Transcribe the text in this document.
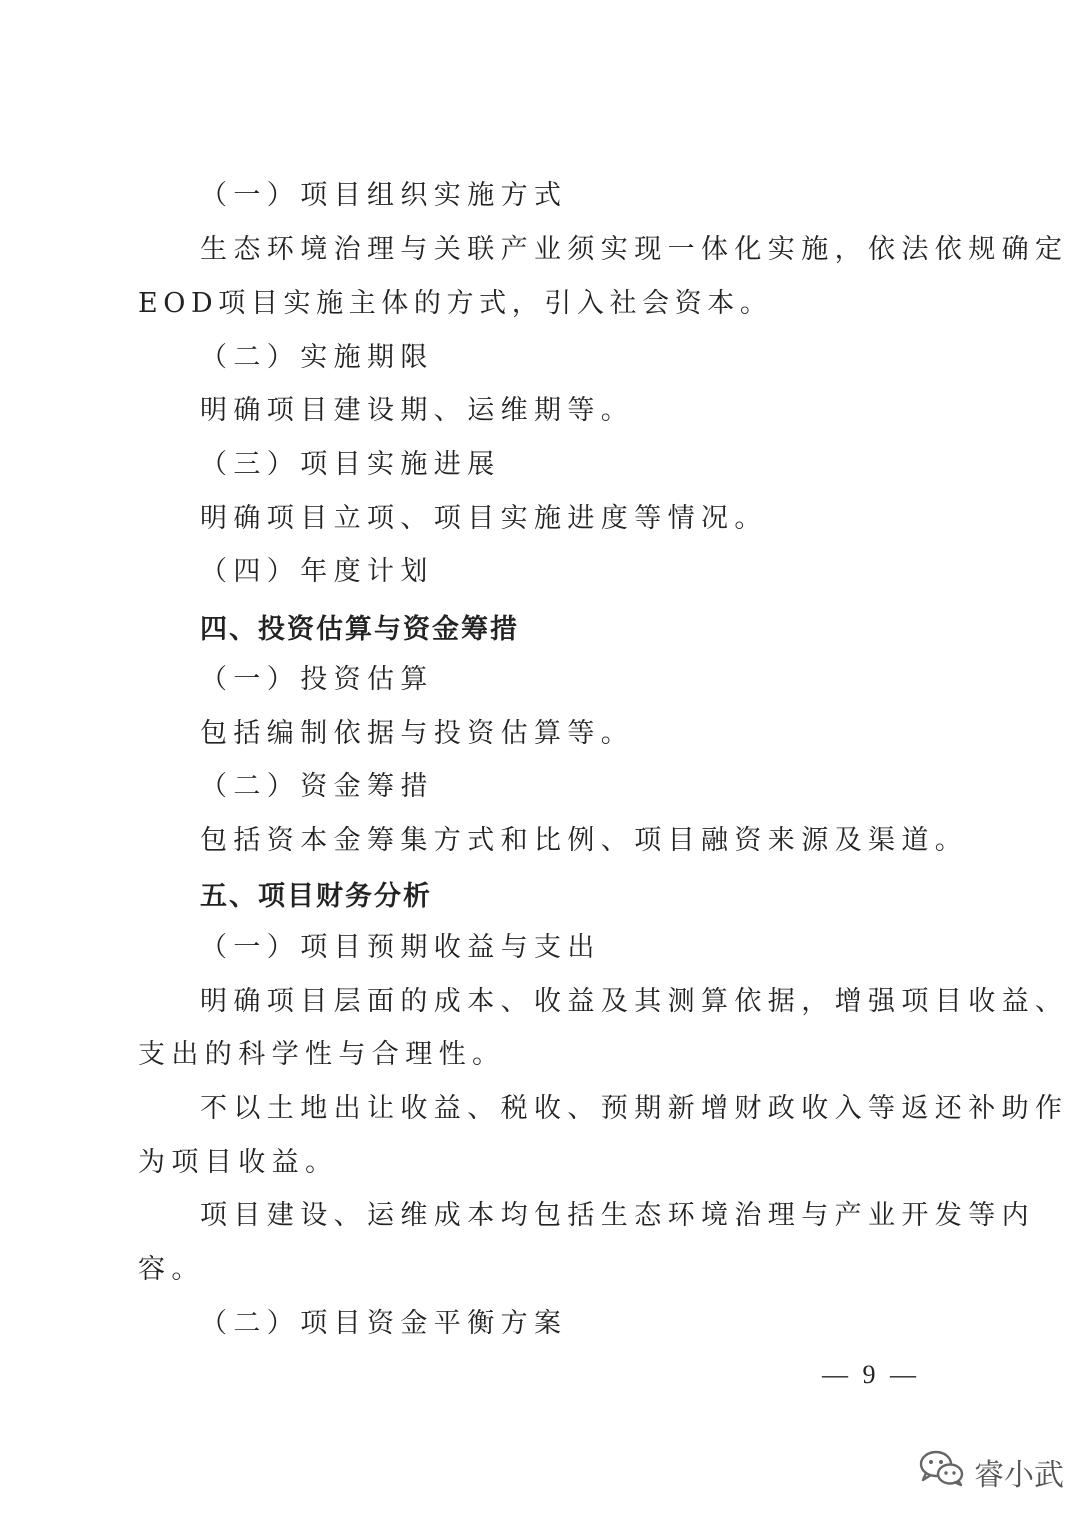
（一）项目组织实施方式
生态环境治理与关联产业须实现一体化实施，依法依规确定
EOD项目实施主体的方式，引入社会资本。
（二）实施期限
明确项目建设期、运维期等。
（三）项目实施进展
明确项目立项、项目实施进度等情况。
（四）年度计划
四、投资估算与资金筹措
（一）投资估算
包括编制依据与投资估算等。
（二）资金筹措
包括资本金筹集方式和比例、项目融资来源及渠道。
五、项目财务分析
（一）项目预期收益与支出
明确项目层面的成本、收益及其测算依据，增强项目收益、
支出的科学性与合理性。
不以土地出让收益、税收、预期新增财政收入等返还补助作
为项目收益。
项目建设、运维成本均包括生态环境治理与产业开发等内
容。
（二）项目资金平衡方案
— 9 —
睿小武
